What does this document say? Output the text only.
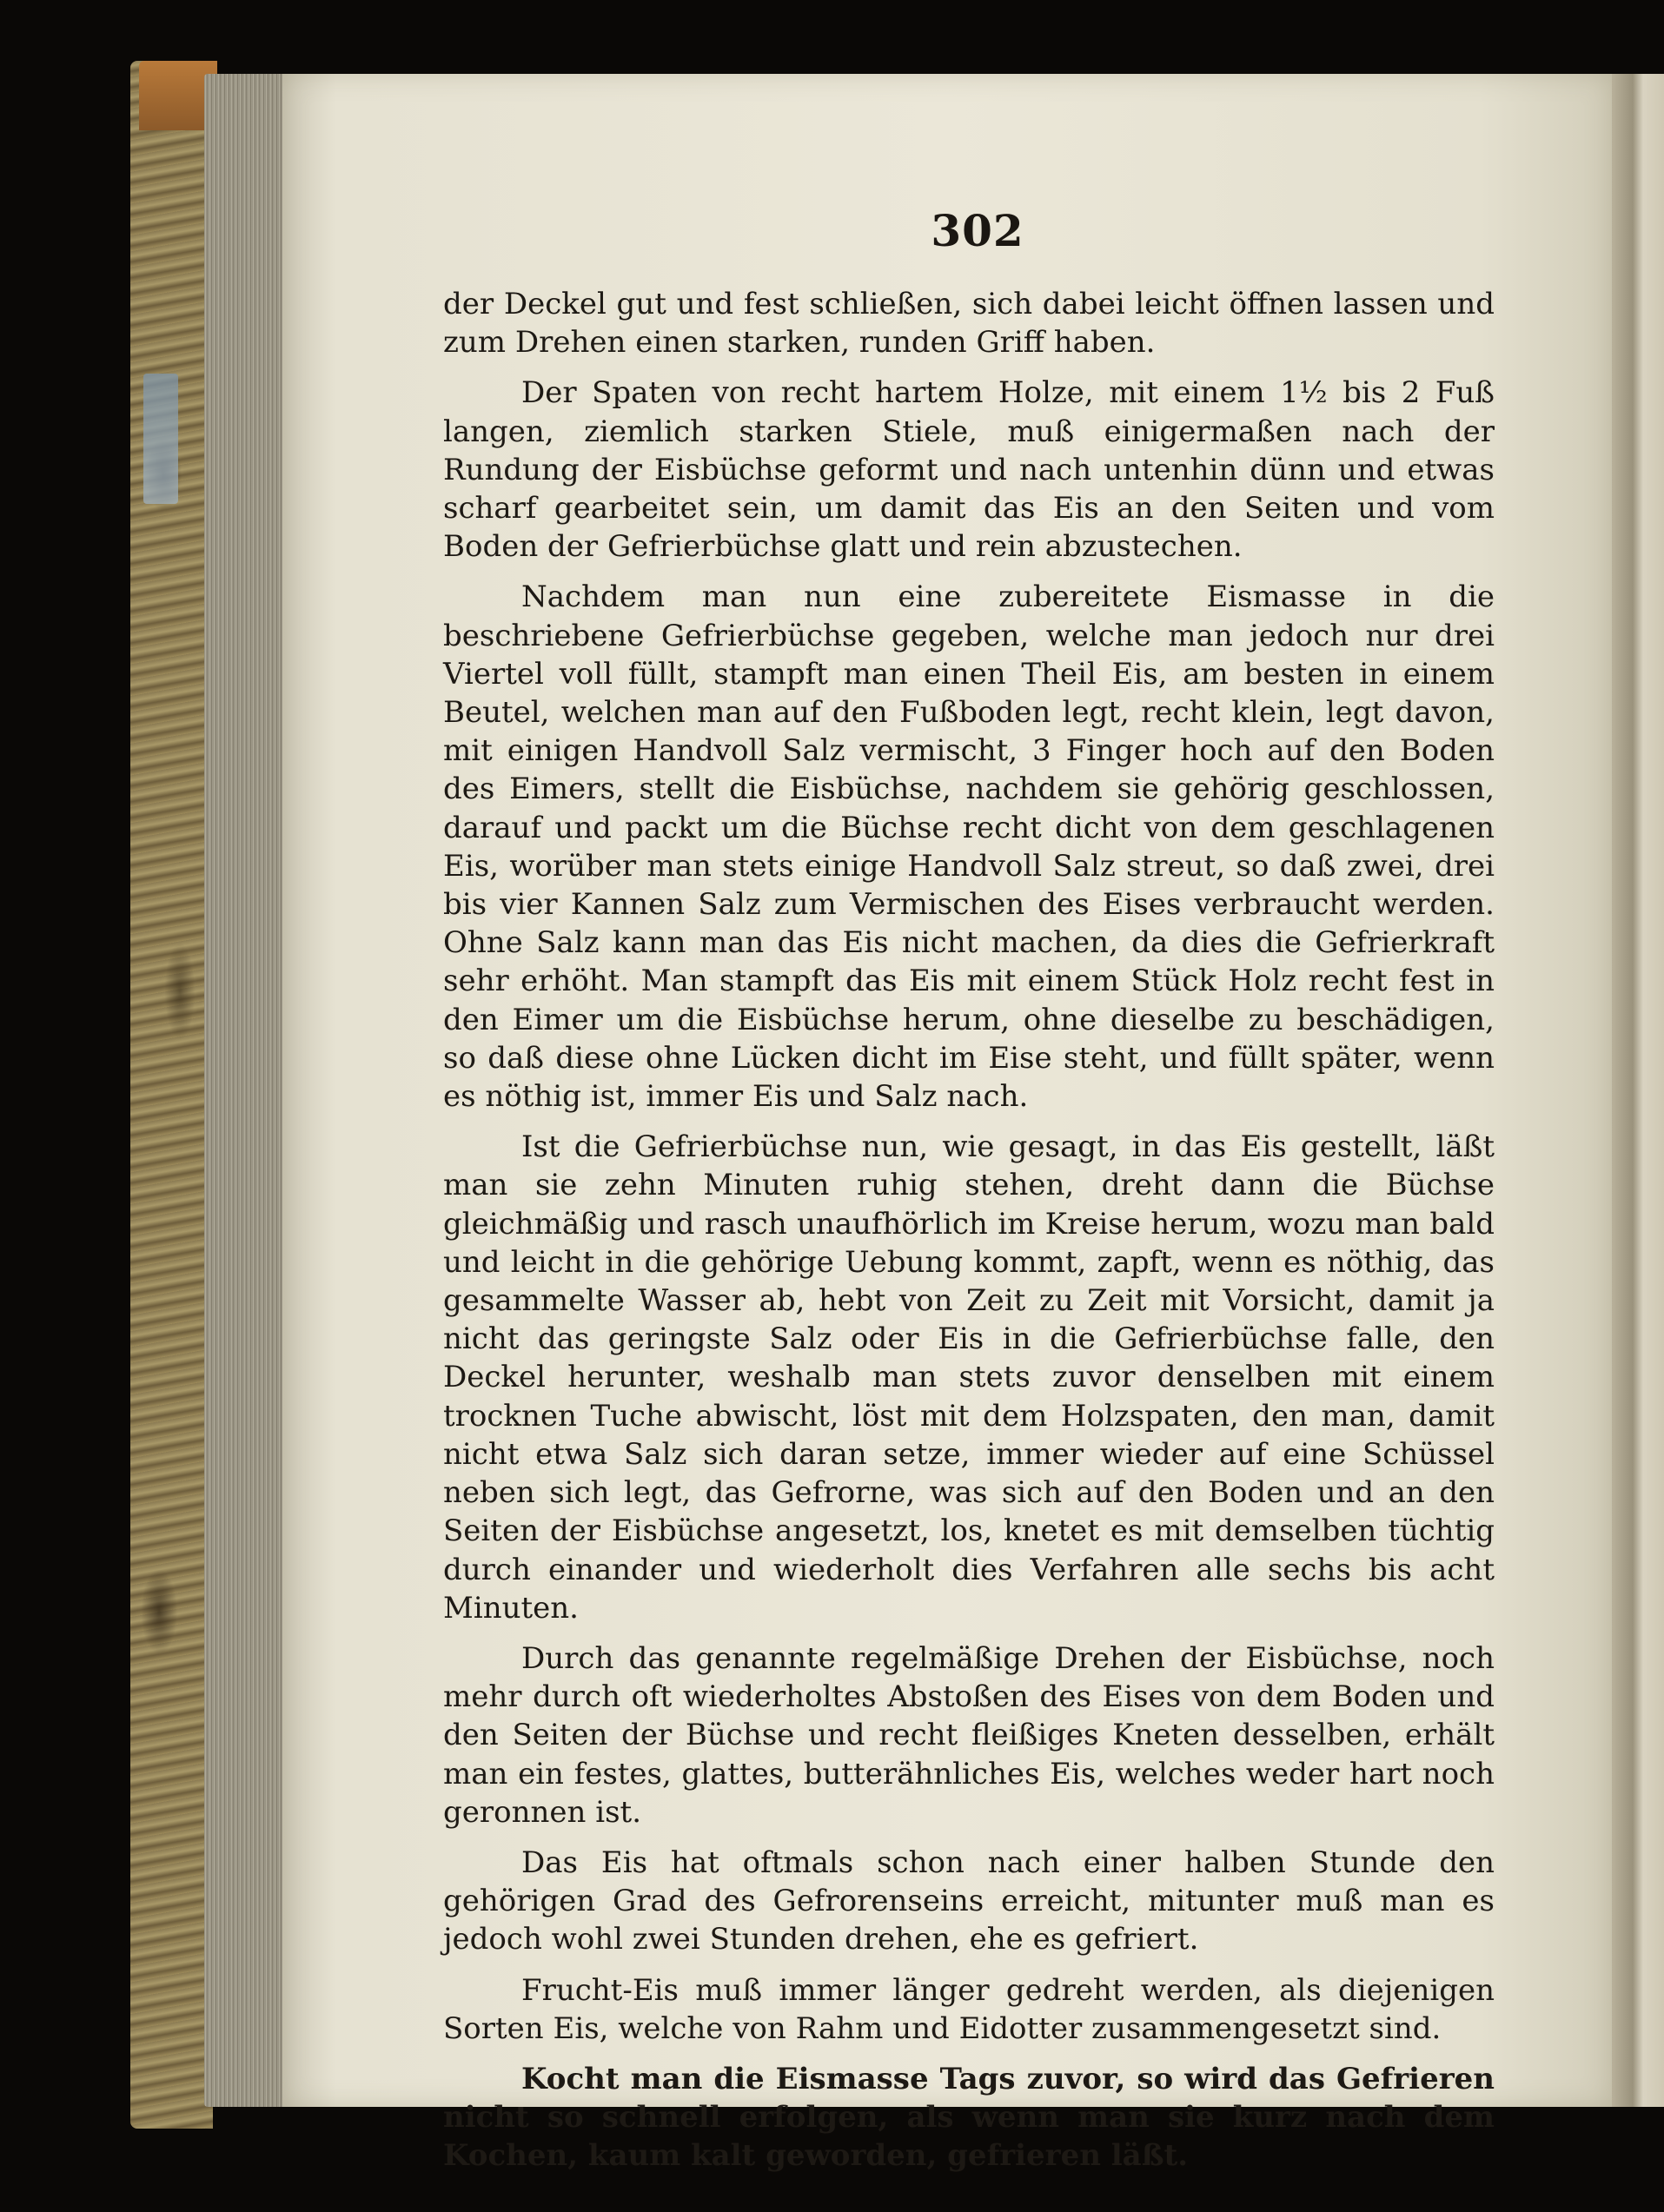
302

der Deckel gut und fest schließen, sich dabei leicht öffnen lassen und zum Drehen einen starken, runden Griff haben.

Der Spaten von recht hartem Holze, mit einem 1½ bis 2 Fuß langen, ziemlich starken Stiele, muß einigermaßen nach der Rundung der Eisbüchse geformt und nach untenhin dünn und etwas scharf gearbeitet sein, um damit das Eis an den Seiten und vom Boden der Gefrierbüchse glatt und rein abzustechen.

Nachdem man nun eine zubereitete Eismasse in die beschriebene Gefrierbüchse gegeben, welche man jedoch nur drei Viertel voll füllt, stampft man einen Theil Eis, am besten in einem Beutel, welchen man auf den Fußboden legt, recht klein, legt davon, mit einigen Handvoll Salz vermischt, 3 Finger hoch auf den Boden des Eimers, stellt die Eisbüchse, nachdem sie gehörig geschlossen, darauf und packt um die Büchse recht dicht von dem geschlagenen Eis, worüber man stets einige Handvoll Salz streut, so daß zwei, drei bis vier Kannen Salz zum Vermischen des Eises verbraucht werden. Ohne Salz kann man das Eis nicht machen, da dies die Gefrierkraft sehr erhöht. Man stampft das Eis mit einem Stück Holz recht fest in den Eimer um die Eisbüchse herum, ohne dieselbe zu beschädigen, so daß diese ohne Lücken dicht im Eise steht, und füllt später, wenn es nöthig ist, immer Eis und Salz nach.

Ist die Gefrierbüchse nun, wie gesagt, in das Eis gestellt, läßt man sie zehn Minuten ruhig stehen, dreht dann die Büchse gleichmäßig und rasch unaufhörlich im Kreise herum, wozu man bald und leicht in die gehörige Uebung kommt, zapft, wenn es nöthig, das gesammelte Wasser ab, hebt von Zeit zu Zeit mit Vorsicht, damit ja nicht das geringste Salz oder Eis in die Gefrierbüchse falle, den Deckel herunter, weshalb man stets zuvor denselben mit einem trocknen Tuche abwischt, löst mit dem Holzspaten, den man, damit nicht etwa Salz sich daran setze, immer wieder auf eine Schüssel neben sich legt, das Gefrorne, was sich auf den Boden und an den Seiten der Eisbüchse angesetzt, los, knetet es mit demselben tüchtig durch einander und wiederholt dies Verfahren alle sechs bis acht Minuten.

Durch das genannte regelmäßige Drehen der Eisbüchse, noch mehr durch oft wiederholtes Abstoßen des Eises von dem Boden und den Seiten der Büchse und recht fleißiges Kneten desselben, erhält man ein festes, glattes, butterähnliches Eis, welches weder hart noch geronnen ist.

Das Eis hat oftmals schon nach einer halben Stunde den gehörigen Grad des Gefrorenseins erreicht, mitunter muß man es jedoch wohl zwei Stunden drehen, ehe es gefriert.

Frucht-Eis muß immer länger gedreht werden, als diejenigen Sorten Eis, welche von Rahm und Eidotter zusammengesetzt sind.

Kocht man die Eismasse Tags zuvor, so wird das Gefrieren nicht so schnell erfolgen, als wenn man sie kurz nach dem Kochen, kaum kalt geworden, gefrieren läßt.
